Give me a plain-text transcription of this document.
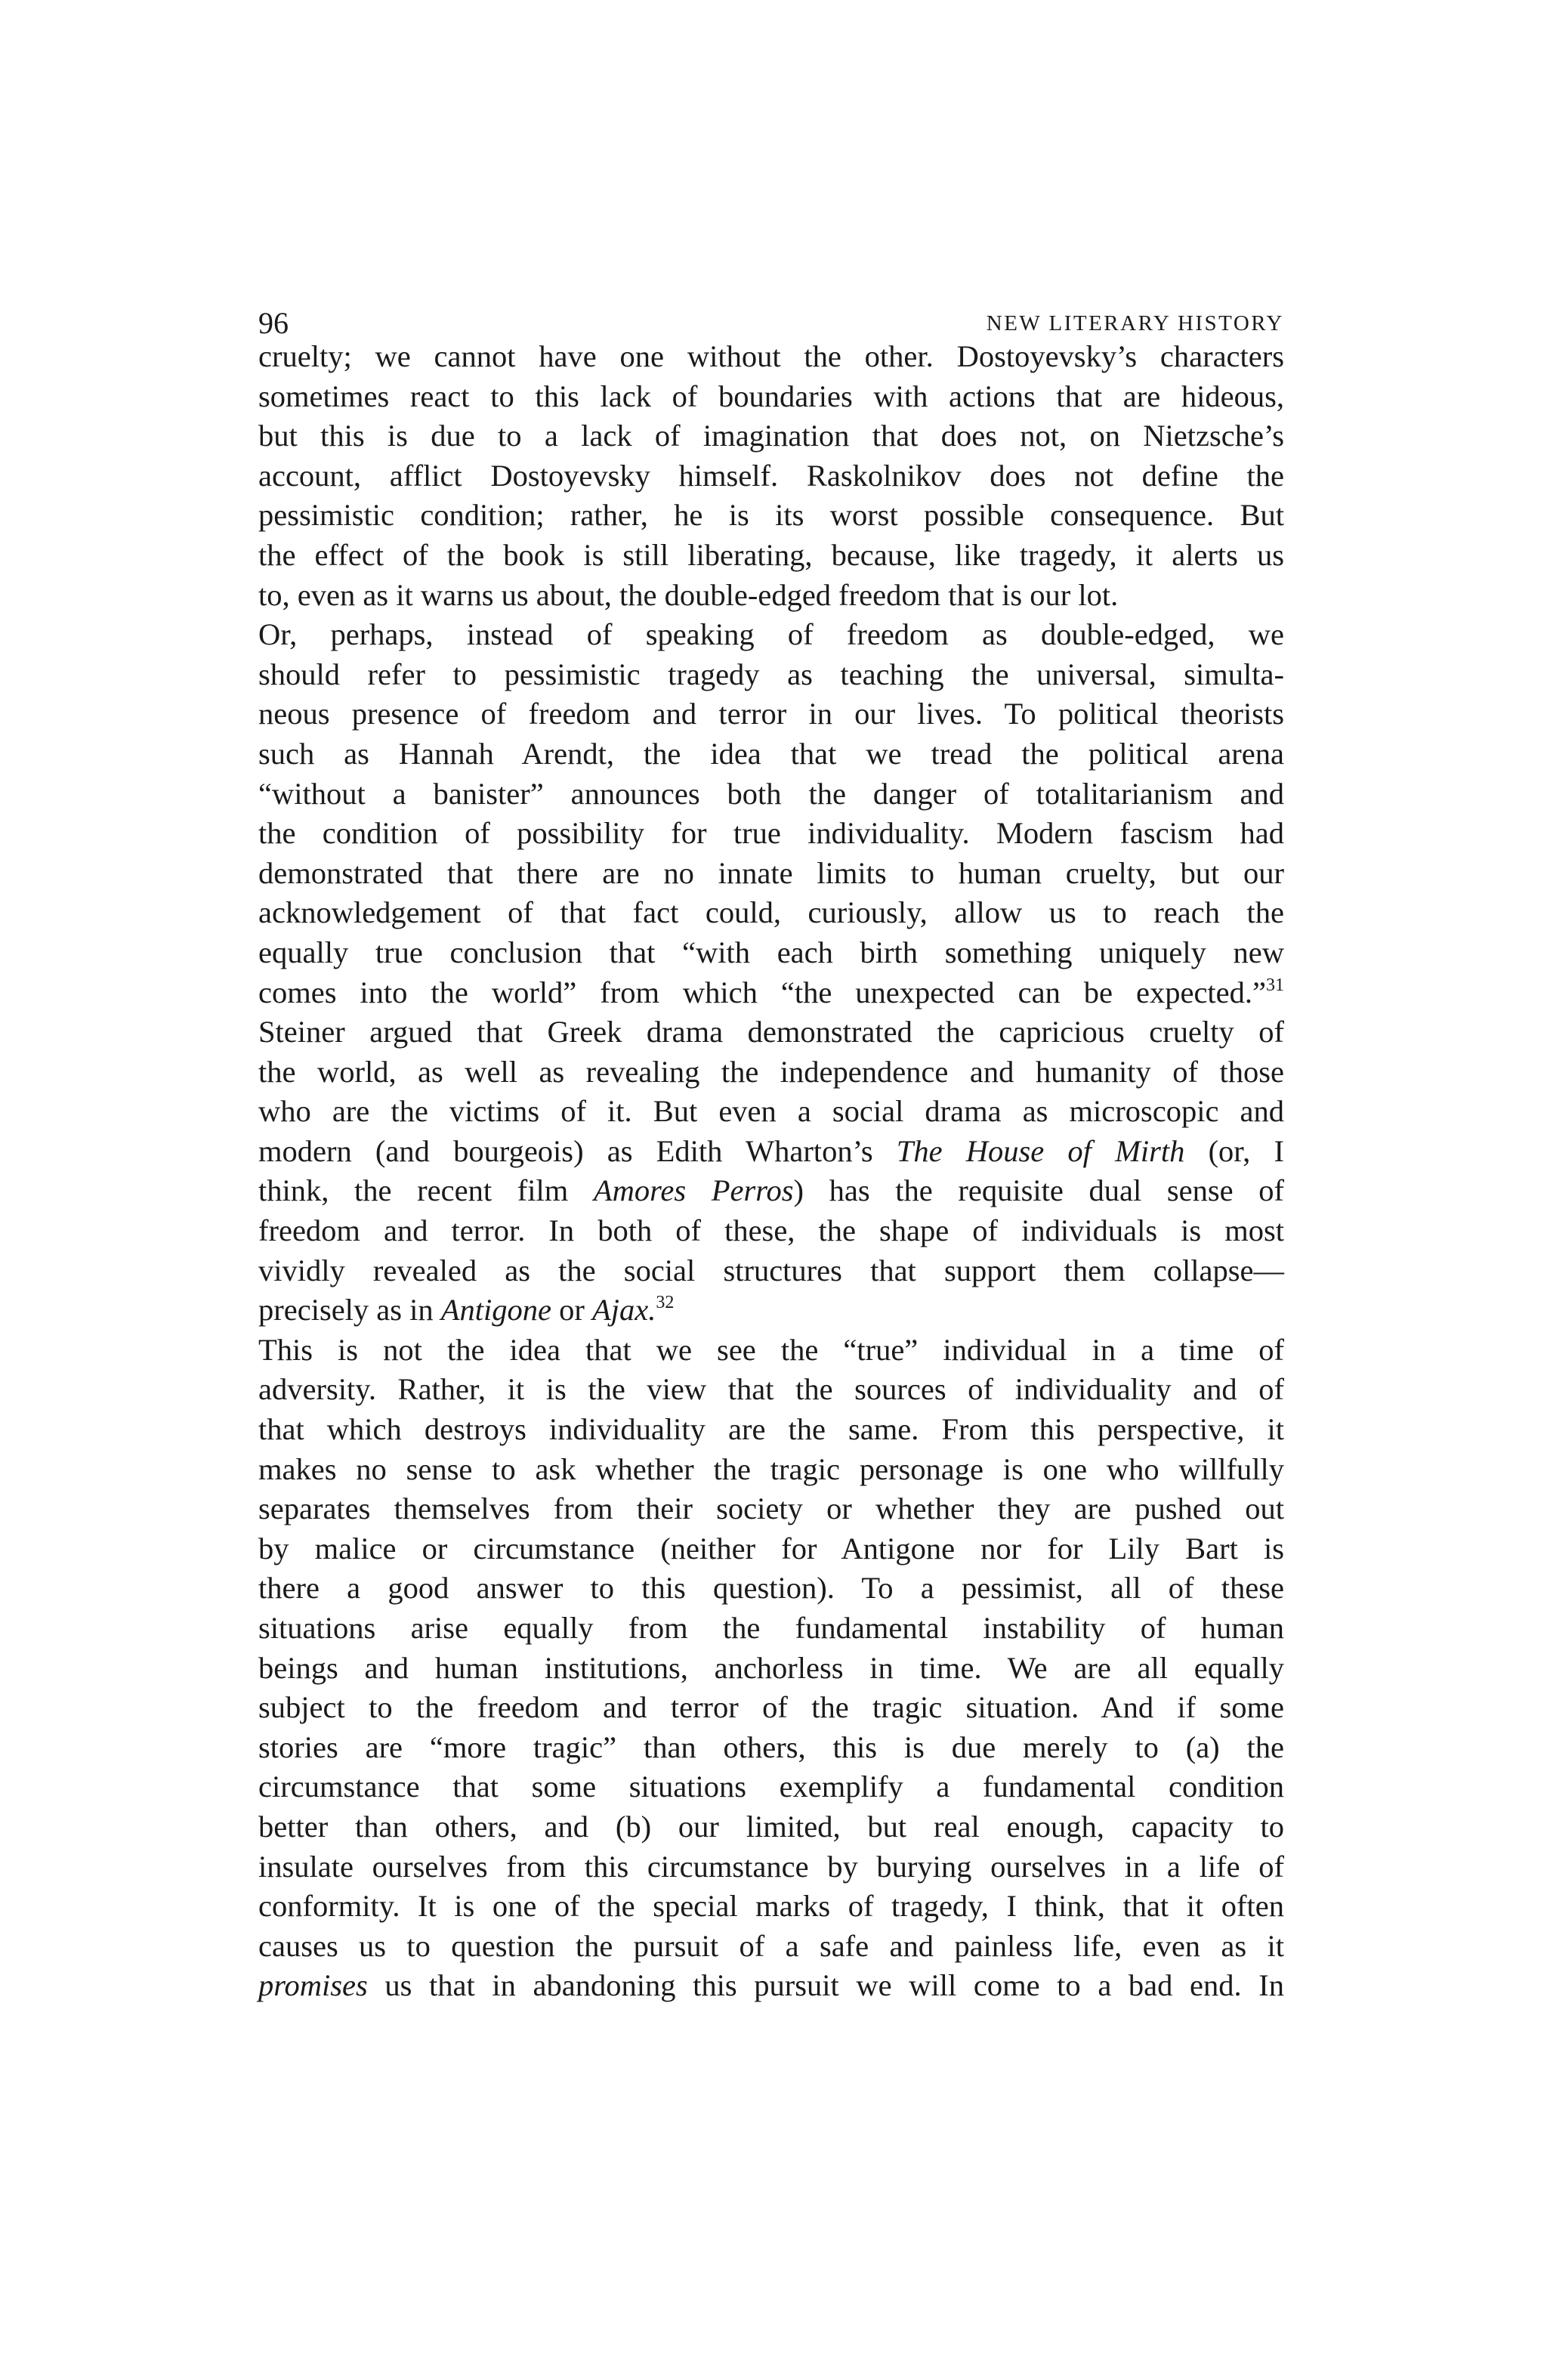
96	NEW LITERARY HISTORY
cruelty; we cannot have one without the other. Dostoyevsky’s characters
sometimes react to this lack of boundaries with actions that are hideous,
but this is due to a lack of imagination that does not, on Nietzsche’s
account, afflict Dostoyevsky himself. Raskolnikov does not define the
pessimistic condition; rather, he is its worst possible consequence. But
the effect of the book is still liberating, because, like tragedy, it alerts us
to, even as it warns us about, the double-edged freedom that is our lot.
Or, perhaps, instead of speaking of freedom as double-edged, we
should refer to pessimistic tragedy as teaching the universal, simulta-
neous presence of freedom and terror in our lives. To political theorists
such as Hannah Arendt, the idea that we tread the political arena
“without a banister” announces both the danger of totalitarianism and
the condition of possibility for true individuality. Modern fascism had
demonstrated that there are no innate limits to human cruelty, but our
acknowledgement of that fact could, curiously, allow us to reach the
equally true conclusion that “with each birth something uniquely new
comes into the world” from which “the unexpected can be expected.”$^{31}$
Steiner argued that Greek drama demonstrated the capricious cruelty of
the world, as well as revealing the independence and humanity of those
who are the victims of it. But even a social drama as microscopic and
modern (and bourgeois) as Edith Wharton’s The House of Mirth (or, I
think, the recent film Amores Perros) has the requisite dual sense of
freedom and terror. In both of these, the shape of individuals is most
vividly revealed as the social structures that support them collapse—
precisely as in Antigone or Ajax.$^{32}$
This is not the idea that we see the “true” individual in a time of
adversity. Rather, it is the view that the sources of individuality and of
that which destroys individuality are the same. From this perspective, it
makes no sense to ask whether the tragic personage is one who willfully
separates themselves from their society or whether they are pushed out
by malice or circumstance (neither for Antigone nor for Lily Bart is
there a good answer to this question). To a pessimist, all of these
situations arise equally from the fundamental instability of human
beings and human institutions, anchorless in time. We are all equally
subject to the freedom and terror of the tragic situation. And if some
stories are “more tragic” than others, this is due merely to (a) the
circumstance that some situations exemplify a fundamental condition
better than others, and (b) our limited, but real enough, capacity to
insulate ourselves from this circumstance by burying ourselves in a life of
conformity. It is one of the special marks of tragedy, I think, that it often
causes us to question the pursuit of a safe and painless life, even as it
promises us that in abandoning this pursuit we will come to a bad end. In
